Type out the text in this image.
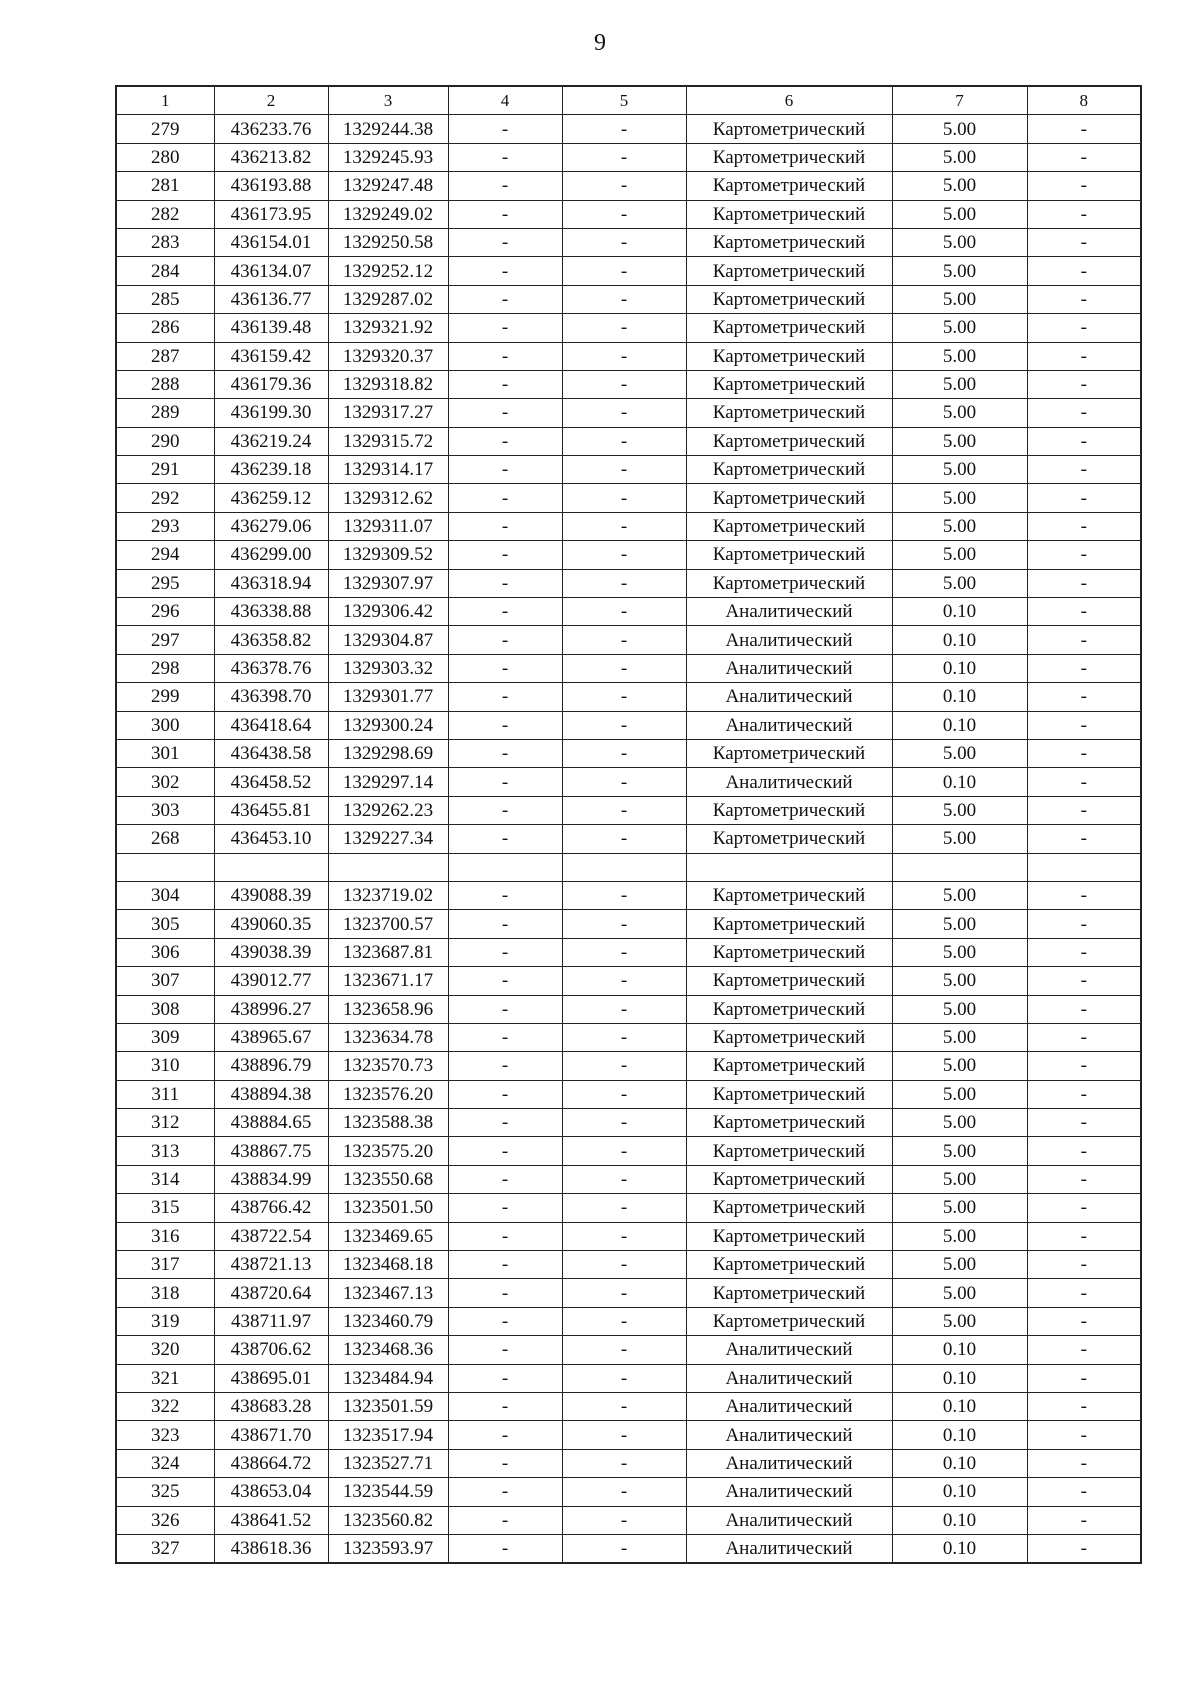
9
1	2	3	4	5	6	7	8
279	436233.76	1329244.38	-	-	Картометрический	5.00	-
280	436213.82	1329245.93	-	-	Картометрический	5.00	-
281	436193.88	1329247.48	-	-	Картометрический	5.00	-
282	436173.95	1329249.02	-	-	Картометрический	5.00	-
283	436154.01	1329250.58	-	-	Картометрический	5.00	-
284	436134.07	1329252.12	-	-	Картометрический	5.00	-
285	436136.77	1329287.02	-	-	Картометрический	5.00	-
286	436139.48	1329321.92	-	-	Картометрический	5.00	-
287	436159.42	1329320.37	-	-	Картометрический	5.00	-
288	436179.36	1329318.82	-	-	Картометрический	5.00	-
289	436199.30	1329317.27	-	-	Картометрический	5.00	-
290	436219.24	1329315.72	-	-	Картометрический	5.00	-
291	436239.18	1329314.17	-	-	Картометрический	5.00	-
292	436259.12	1329312.62	-	-	Картометрический	5.00	-
293	436279.06	1329311.07	-	-	Картометрический	5.00	-
294	436299.00	1329309.52	-	-	Картометрический	5.00	-
295	436318.94	1329307.97	-	-	Картометрический	5.00	-
296	436338.88	1329306.42	-	-	Аналитический	0.10	-
297	436358.82	1329304.87	-	-	Аналитический	0.10	-
298	436378.76	1329303.32	-	-	Аналитический	0.10	-
299	436398.70	1329301.77	-	-	Аналитический	0.10	-
300	436418.64	1329300.24	-	-	Аналитический	0.10	-
301	436438.58	1329298.69	-	-	Картометрический	5.00	-
302	436458.52	1329297.14	-	-	Аналитический	0.10	-
303	436455.81	1329262.23	-	-	Картометрический	5.00	-
268	436453.10	1329227.34	-	-	Картометрический	5.00	-

304	439088.39	1323719.02	-	-	Картометрический	5.00	-
305	439060.35	1323700.57	-	-	Картометрический	5.00	-
306	439038.39	1323687.81	-	-	Картометрический	5.00	-
307	439012.77	1323671.17	-	-	Картометрический	5.00	-
308	438996.27	1323658.96	-	-	Картометрический	5.00	-
309	438965.67	1323634.78	-	-	Картометрический	5.00	-
310	438896.79	1323570.73	-	-	Картометрический	5.00	-
311	438894.38	1323576.20	-	-	Картометрический	5.00	-
312	438884.65	1323588.38	-	-	Картометрический	5.00	-
313	438867.75	1323575.20	-	-	Картометрический	5.00	-
314	438834.99	1323550.68	-	-	Картометрический	5.00	-
315	438766.42	1323501.50	-	-	Картометрический	5.00	-
316	438722.54	1323469.65	-	-	Картометрический	5.00	-
317	438721.13	1323468.18	-	-	Картометрический	5.00	-
318	438720.64	1323467.13	-	-	Картометрический	5.00	-
319	438711.97	1323460.79	-	-	Картометрический	5.00	-
320	438706.62	1323468.36	-	-	Аналитический	0.10	-
321	438695.01	1323484.94	-	-	Аналитический	0.10	-
322	438683.28	1323501.59	-	-	Аналитический	0.10	-
323	438671.70	1323517.94	-	-	Аналитический	0.10	-
324	438664.72	1323527.71	-	-	Аналитический	0.10	-
325	438653.04	1323544.59	-	-	Аналитический	0.10	-
326	438641.52	1323560.82	-	-	Аналитический	0.10	-
327	438618.36	1323593.97	-	-	Аналитический	0.10	-
